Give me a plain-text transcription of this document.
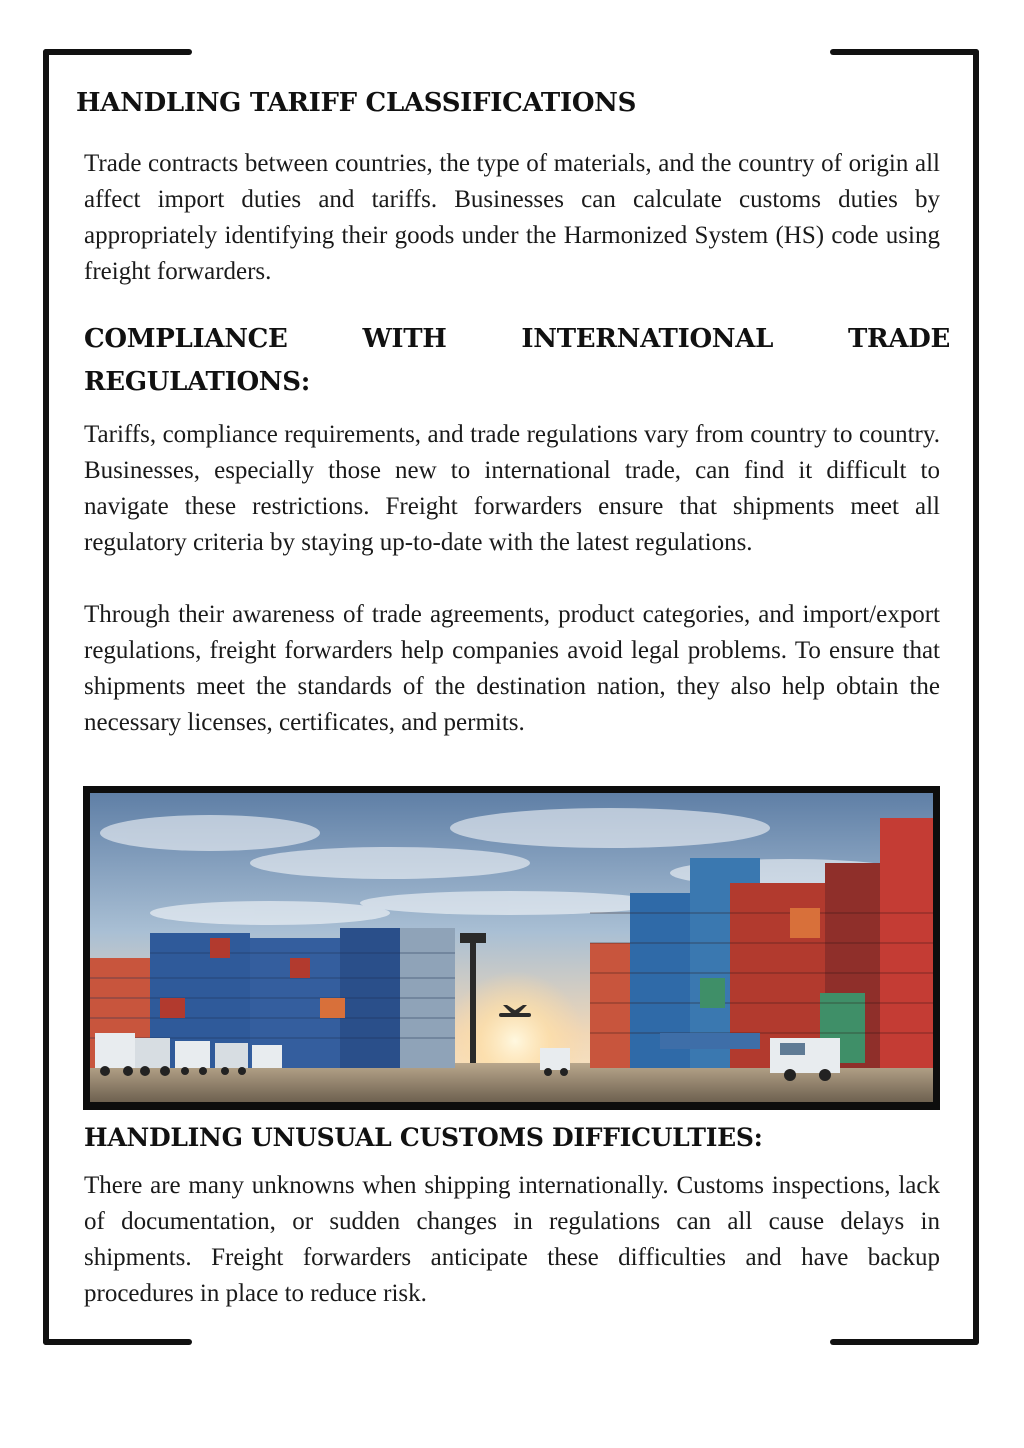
HANDLING TARIFF CLASSIFICATIONS

Trade contracts between countries, the type of materials, and the country of origin all affect import duties and tariffs. Businesses can calculate customs duties by appropriately identifying their goods under the Harmonized System (HS) code using freight forwarders.

COMPLIANCE WITH INTERNATIONAL TRADE REGULATIONS:

Tariffs, compliance requirements, and trade regulations vary from country to country. Businesses, especially those new to international trade, can find it difficult to navigate these restrictions. Freight forwarders ensure that shipments meet all regulatory criteria by staying up-to-date with the latest regulations.

Through their awareness of trade agreements, product categories, and import/export regulations, freight forwarders help companies avoid legal problems. To ensure that shipments meet the standards of the destination nation, they also help obtain the necessary licenses, certificates, and permits.

HANDLING UNUSUAL CUSTOMS DIFFICULTIES:

There are many unknowns when shipping internationally. Customs inspections, lack of documentation, or sudden changes in regulations can all cause delays in shipments. Freight forwarders anticipate these difficulties and have backup procedures in place to reduce risk.
